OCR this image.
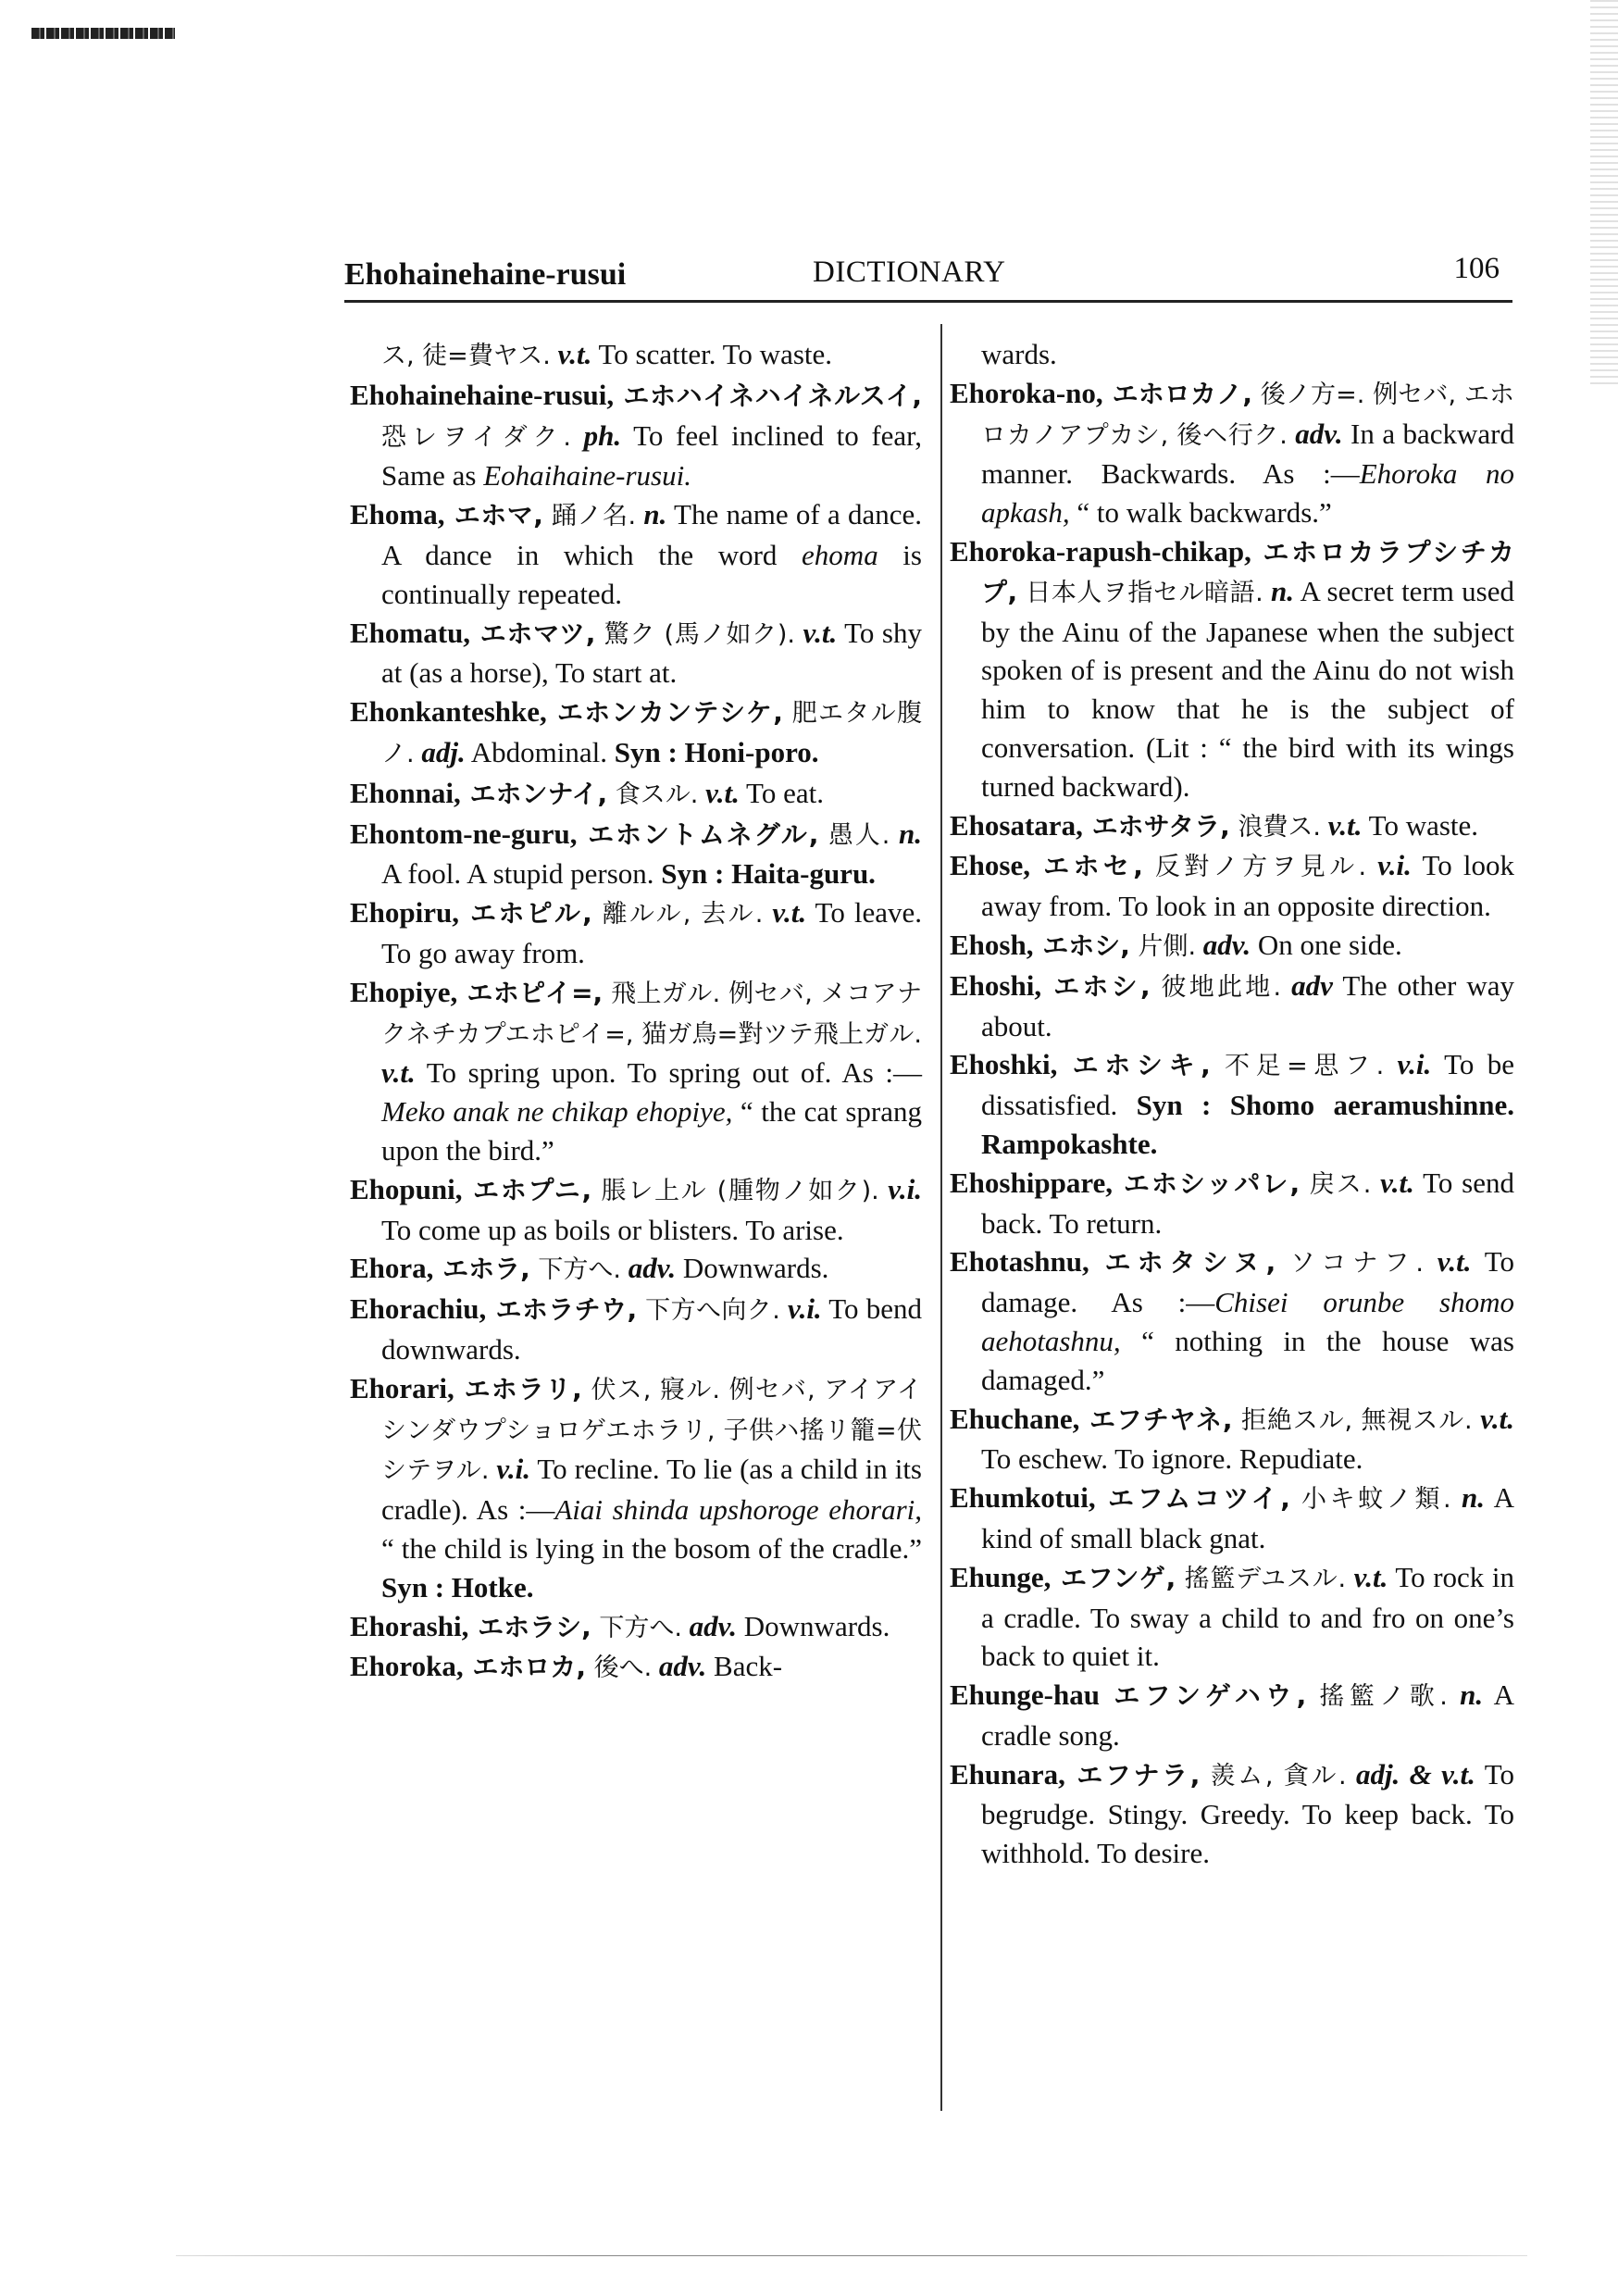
Ehohainehaine-rusui	DICTIONARY	106
ス, 徒=費ヤス. v.t. To scatter. To waste.
Ehohainehaine-rusui, エホハイネハイネルスイ, 恐レヲイダク. ph. To feel inclined to fear, Same as Eohaihaine-rusui.
Ehoma, エホマ, 踊ノ名. n. The name of a dance. A dance in which the word ehoma is continually repeated.
Ehomatu, エホマツ, 驚ク (馬ノ如ク). v.t. To shy at (as a horse), To start at.
Ehonkanteshke, エホンカンテシケ, 肥エタル腹ノ. adj. Abdominal. Syn : Honi-poro.
Ehonnai, エホンナイ, 食スル. v.t. To eat.
Ehontom-ne-guru, エホントムネグル, 愚人. n. A fool. A stupid person. Syn : Haita-guru.
Ehopiru, エホピル, 離ルル, 去ル. v.t. To leave. To go away from.
Ehopiye, エホピイ=, 飛上ガル. 例セバ, メコアナクネチカプエホピイ=, 猫ガ鳥=對ツテ飛上ガル. v.t. To spring upon. To spring out of. As :—Meko anak ne chikap ehopiye, “ the cat sprang upon the bird.”
Ehopuni, エホプニ, 脹レ上ル (腫物ノ如ク). v.i. To come up as boils or blisters. To arise.
Ehora, エホラ, 下方へ. adv. Downwards.
Ehorachiu, エホラチウ, 下方へ向ク. v.i. To bend downwards.
Ehorari, エホラリ, 伏ス, 寢ル. 例セバ, アイアイシンダウプショロゲエホラリ, 子供ハ搖リ籠=伏シテヲル. v.i. To recline. To lie (as a child in its cradle). As :—Aiai shinda upshoroge ehorari, “ the child is lying in the bosom of the cradle.” Syn : Hotke.
Ehorashi, エホラシ, 下方へ. adv. Downwards.
Ehoroka, エホロカ, 後へ. adv. Back-
wards.
Ehoroka-no, エホロカノ, 後ノ方=. 例セバ, エホロカノアプカシ, 後ヘ行ク. adv. In a backward manner. Backwards. As :—Ehoroka no apkash, “ to walk backwards.”
Ehoroka-rapush-chikap, エホロカラプシチカプ, 日本人ヲ指セル暗語. n. A secret term used by the Ainu of the Japanese when the subject spoken of is present and the Ainu do not wish him to know that he is the subject of conversation. (Lit : “ the bird with its wings turned backward).
Ehosatara, エホサタラ, 浪費ス. v.t. To waste.
Ehose, エホセ, 反對ノ方ヲ見ル. v.i. To look away from. To look in an opposite direction.
Ehosh, エホシ, 片側. adv. On one side.
Ehoshi, エホシ, 彼地此地. adv The other way about.
Ehoshki, エホシキ, 不足=思フ. v.i. To be dissatisfied. Syn : Shomo aeramushinne. Rampokashte.
Ehoshippare, エホシッパレ, 戻ス. v.t. To send back. To return.
Ehotashnu, エホタシヌ, ソコナフ. v.t. To damage. As :—Chisei orunbe shomo aehotashnu, “ nothing in the house was damaged.”
Ehuchane, エフチヤネ, 拒絶スル, 無視スル. v.t. To eschew. To ignore. Repudiate.
Ehumkotui, エフムコツイ, 小キ蚊ノ類. n. A kind of small black gnat.
Ehunge, エフンゲ, 搖籃デユスル. v.t. To rock in a cradle. To sway a child to and fro on one’s back to quiet it.
Ehunge-hau エフンゲハウ, 搖籃ノ歌. n. A cradle song.
Ehunara, エフナラ, 羨ム, 貪ル. adj. & v.t. To begrudge. Stingy. Greedy. To keep back. To withhold. To desire.
